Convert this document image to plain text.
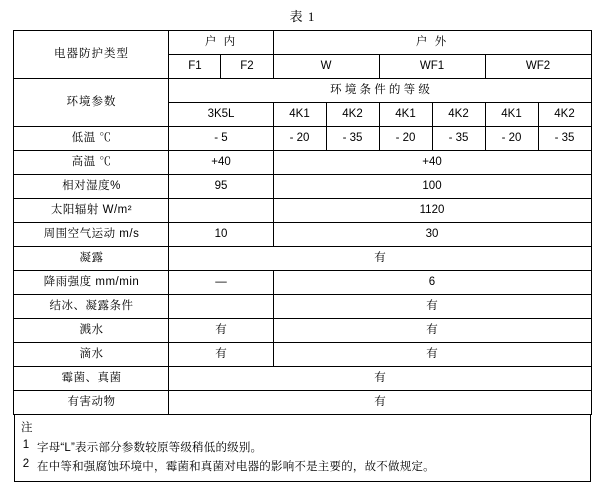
表 1
电器防护类型	户 内		户 外					
	F1	F2	W		WF1		WF2	
环境参数	环 境 条 件 的 等 级							
	3K5L		4K1	4K2	4K1	4K2	4K1	4K2
低温 ℃	- 5		- 20	- 35	- 20	- 35	- 20	- 35
高温 ℃	+40		+40					
相对湿度%	95		100					
太阳辐射 W/m²			1120					
周围空气运动 m/s	10		30					
凝露	有							
降雨强度 mm/min	—		6					
结冰、凝露条件			有					
溅水	有		有					
滴水	有		有					
霉菌、真菌	有							
有害动物	有							
注
1 字母“L”表示部分参数较原等级稍低的级别。
2 在中等和强腐蚀环境中，霉菌和真菌对电器的影响不是主要的，故不做规定。
